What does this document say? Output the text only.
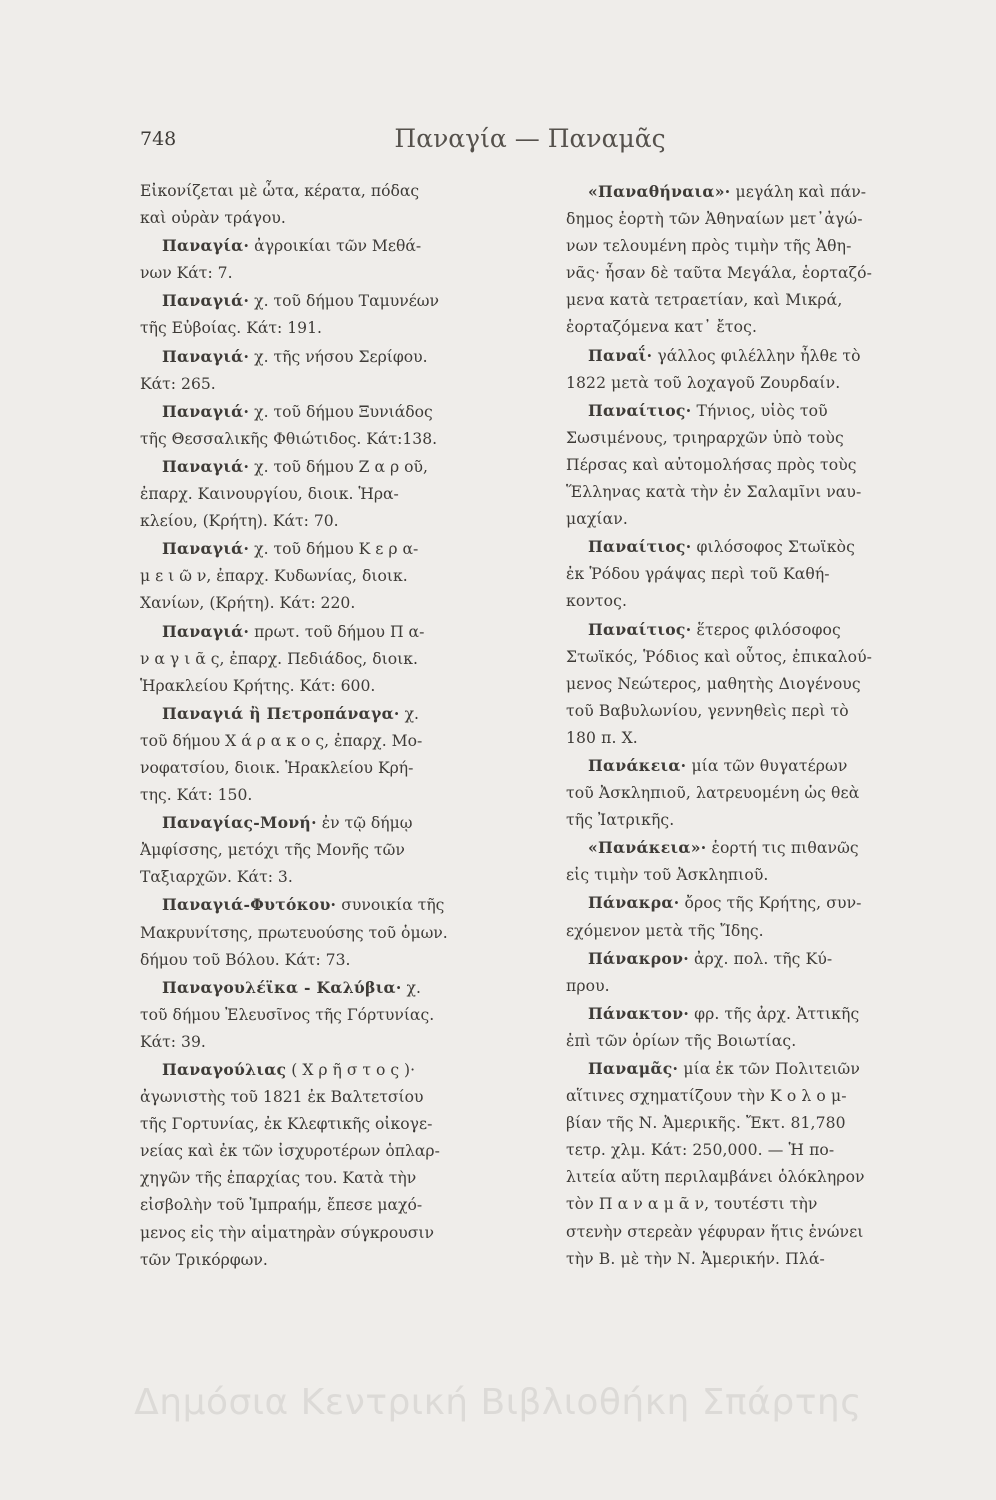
748	Παναγία — Παναμᾶς
Εἰκονίζεται μὲ ὦτα, κέρατα, πόδας
καὶ οὐρὰν τράγου.
Παναγία· ἀγροικίαι τῶν Μεθά-
νων Κάτ: 7.
Παναγιά· χ. τοῦ δήμου Ταμυνέων
τῆς Εὐβοίας. Κάτ: 191.
Παναγιά· χ. τῆς νήσου Σερίφου.
Κάτ: 265.
Παναγιά· χ. τοῦ δήμου Ξυνιάδος
τῆς Θεσσαλικῆς Φθιώτιδος. Κάτ:138.
Παναγιά· χ. τοῦ δήμου Ζ α ρ οῦ,
ἐπαρχ. Καινουργίου, διοικ. Ἡρα-
κλείου, (Κρήτη). Κάτ: 70.
Παναγιά· χ. τοῦ δήμου Κ ε ρ α-
μ ε ι ῶ ν, ἐπαρχ. Κυδωνίας, διοικ.
Χανίων, (Κρήτη). Κάτ: 220.
Παναγιά· πρωτ. τοῦ δήμου Π α-
ν α γ ι ᾶ ς, ἐπαρχ. Πεδιάδος, διοικ.
Ἡρακλείου Κρήτης. Κάτ: 600.
Παναγιά ἢ Πετροπάναγα· χ.
τοῦ δήμου Χ ά ρ α κ ο ς, ἐπαρχ. Μο-
νοφατσίου, διοικ. Ἡρακλείου Κρή-
της. Κάτ: 150.
Παναγίας-Μονή· ἐν τῷ δήμῳ
Ἀμφίσσης, μετόχι τῆς Μονῆς τῶν
Ταξιαρχῶν. Κάτ: 3.
Παναγιά-Φυτόκου· συνοικία τῆς
Μακρυνίτσης, πρωτευούσης τοῦ ὁμων.
δήμου τοῦ Βόλου. Κάτ: 73.
Παναγουλέϊκα - Καλύβια· χ.
τοῦ δήμου Ἐλευσῖνος τῆς Γόρτυνίας.
Κάτ: 39.
Παναγούλιας ( Χ ρ ῆ σ τ ο ς )·
ἀγωνιστὴς τοῦ 1821 ἐκ Βαλτετσίου
τῆς Γορτυνίας, ἐκ Κλεφτικῆς οἰκογε-
νείας καὶ ἐκ τῶν ἰσχυροτέρων ὁπλαρ-
χηγῶν τῆς ἐπαρχίας του. Κατὰ τὴν
εἰσβολὴν τοῦ Ἰμπραήμ, ἔπεσε μαχό-
μενος εἰς τὴν αἱματηρὰν σύγκρουσιν
τῶν Τρικόρφων.
«Παναθήναια»· μεγάλη καὶ πάν-
δημος ἑορτὴ τῶν Ἀθηναίων μετ᾽ἀγώ-
νων τελουμένη πρὸς τιμὴν τῆς Ἀθη-
νᾶς· ἦσαν δὲ ταῦτα Μεγάλα, ἑορταζό-
μενα κατὰ τετραετίαν, καὶ Μικρά,
ἑορταζόμενα κατ᾽ ἔτος.
Παναΐ· γάλλος φιλέλλην ἦλθε τὸ
1822 μετὰ τοῦ λοχαγοῦ Ζουρδαίν.
Παναίτιος· Τήνιος, υἱὸς τοῦ
Σωσιμένους, τριηραρχῶν ὑπὸ τοὺς
Πέρσας καὶ αὐτομολήσας πρὸς τοὺς
Ἕλληνας κατὰ τὴν ἐν Σαλαμῖνι ναυ-
μαχίαν.
Παναίτιος· φιλόσοφος Στωϊκὸς
ἐκ Ῥόδου γράψας περὶ τοῦ Καθή-
κοντος.
Παναίτιος· ἕτερος φιλόσοφος
Στωϊκός, Ῥόδιος καὶ οὗτος, ἐπικαλού-
μενος Νεώτερος, μαθητὴς Διογένους
τοῦ Βαβυλωνίου, γεννηθεὶς περὶ τὸ
180 π. Χ.
Πανάκεια· μία τῶν θυγατέρων
τοῦ Ἀσκληπιοῦ, λατρευομένη ὡς θεὰ
τῆς Ἰατρικῆς.
«Πανάκεια»· ἑορτή τις πιθανῶς
εἰς τιμὴν τοῦ Ἀσκληπιοῦ.
Πάνακρα· ὄρος τῆς Κρήτης, συν-
εχόμενον μετὰ τῆς Ἴδης.
Πάνακρον· ἀρχ. πολ. τῆς Κύ-
πρου.
Πάνακτον· φρ. τῆς ἀρχ. Ἀττικῆς
ἐπὶ τῶν ὁρίων τῆς Βοιωτίας.
Παναμᾶς· μία ἐκ τῶν Πολιτειῶν
αἵτινες σχηματίζουν τὴν Κ ο λ ο μ-
βίαν τῆς Ν. Ἀμερικῆς. Ἔκτ. 81,780
τετρ. χλμ. Κάτ: 250,000. — Ἡ πο-
λιτεία αὕτη περιλαμβάνει ὁλόκληρον
τὸν Π α ν α μ ᾶ ν, τουτέστι τὴν
στενὴν στερεὰν γέφυραν ἥτις ἑνώνει
τὴν Β. μὲ τὴν Ν. Ἀμερικήν. Πλά-
Δημόσια Κεντρική Βιβλιοθήκη Σπάρτης
